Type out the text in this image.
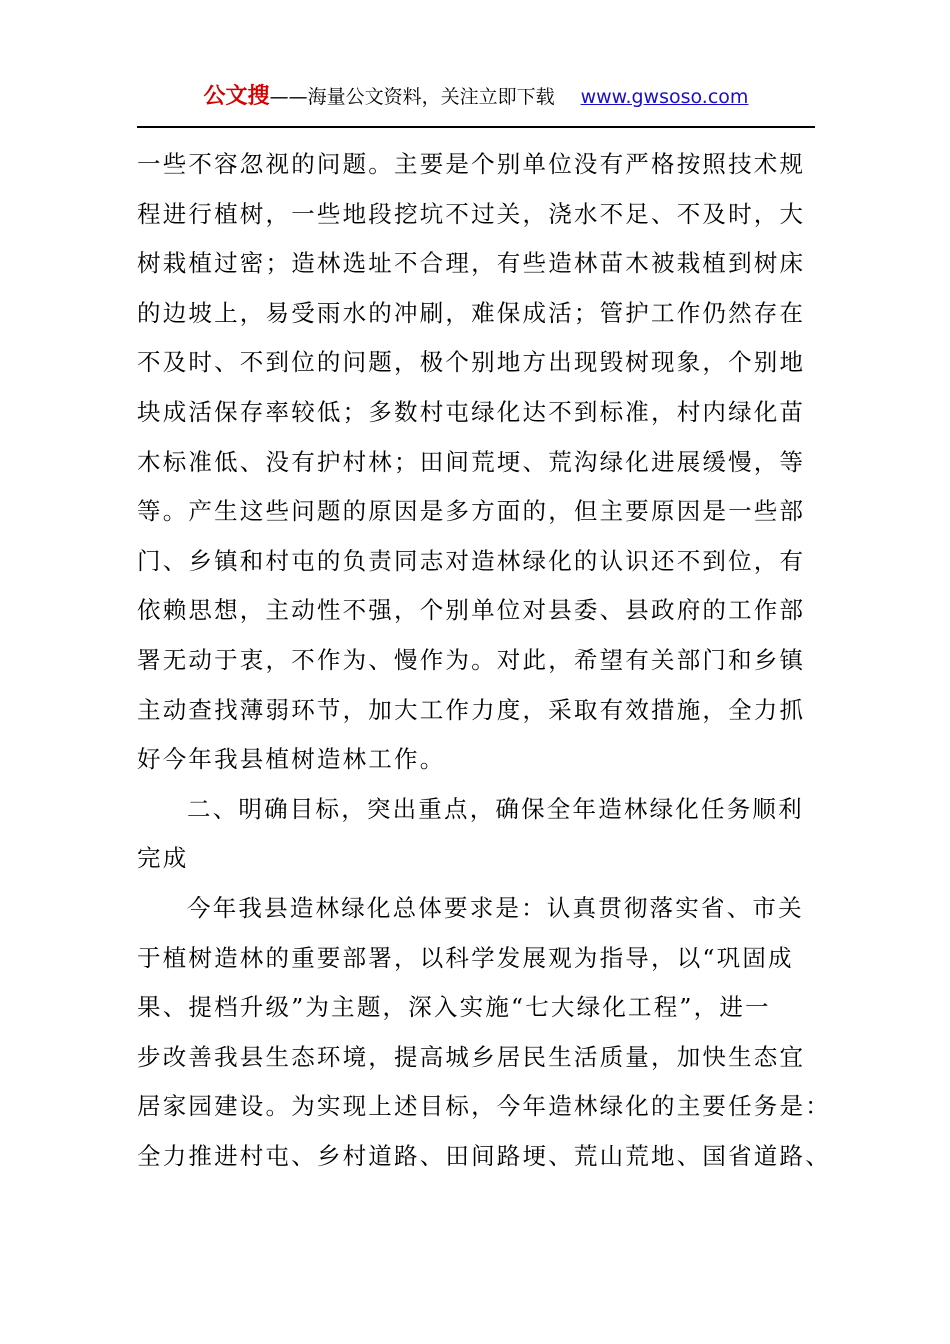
公文搜——海量公文资料，关注立即下载 www.gwsoso.com
一些不容忽视的问题。主要是个别单位没有严格按照技术规
程进行植树，一些地段挖坑不过关，浇水不足、不及时，大
树栽植过密；造林选址不合理，有些造林苗木被栽植到树床
的边坡上，易受雨水的冲刷，难保成活；管护工作仍然存在
不及时、不到位的问题，极个别地方出现毁树现象，个别地
块成活保存率较低；多数村屯绿化达不到标准，村内绿化苗
木标准低、没有护村林；田间荒埂、荒沟绿化进展缓慢，等
等。产生这些问题的原因是多方面的，但主要原因是一些部
门、乡镇和村屯的负责同志对造林绿化的认识还不到位，有
依赖思想，主动性不强，个别单位对县委、县政府的工作部
署无动于衷，不作为、慢作为。对此，希望有关部门和乡镇
主动查找薄弱环节，加大工作力度，采取有效措施，全力抓
好今年我县植树造林工作。
二、明确目标，突出重点，确保全年造林绿化任务顺利
完成
今年我县造林绿化总体要求是：认真贯彻落实省、市关
于植树造林的重要部署，以科学发展观为指导，以“巩固成
果、提档升级”为主题，深入实施“七大绿化工程”，进一
步改善我县生态环境，提高城乡居民生活质量，加快生态宜
居家园建设。为实现上述目标，今年造林绿化的主要任务是：
全力推进村屯、乡村道路、田间路埂、荒山荒地、国省道路、
